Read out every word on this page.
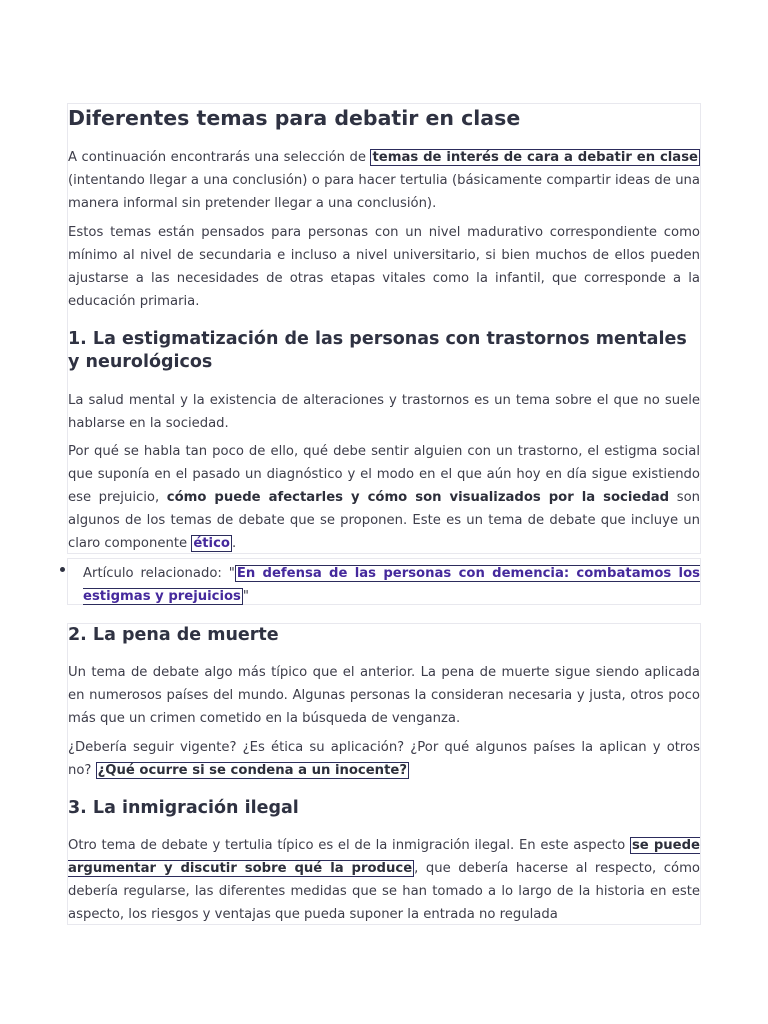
Diferentes temas para debatir en clase

A continuación encontrarás una selección de temas de interés de cara a debatir en clase (intentando llegar a una conclusión) o para hacer tertulia (básicamente compartir ideas de una manera informal sin pretender llegar a una conclusión).

Estos temas están pensados para personas con un nivel madurativo correspondiente como mínimo al nivel de secundaria e incluso a nivel universitario, si bien muchos de ellos pueden ajustarse a las necesidades de otras etapas vitales como la infantil, que corresponde a la educación primaria.

1. La estigmatización de las personas con trastornos mentales y neurológicos

La salud mental y la existencia de alteraciones y trastornos es un tema sobre el que no suele hablarse en la sociedad.

Por qué se habla tan poco de ello, qué debe sentir alguien con un trastorno, el estigma social que suponía en el pasado un diagnóstico y el modo en el que aún hoy en día sigue existiendo ese prejuicio, cómo puede afectarles y cómo son visualizados por la sociedad son algunos de los temas de debate que se proponen. Este es un tema de debate que incluye un claro componente ético .

Artículo relacionado: " En defensa de las personas con demencia: combatamos los estigmas y prejuicios "
2. La pena de muerte

Un tema de debate algo más típico que el anterior. La pena de muerte sigue siendo aplicada en numerosos países del mundo. Algunas personas la consideran necesaria y justa, otros poco más que un crimen cometido en la búsqueda de venganza.

¿Debería seguir vigente? ¿Es ética su aplicación? ¿Por qué algunos países la aplican y otros no? ¿Qué ocurre si se condena a un inocente?

3. La inmigración ilegal

Otro tema de debate y tertulia típico es el de la inmigración ilegal. En este aspecto se puede argumentar y discutir sobre qué la produce , que debería hacerse al respecto, cómo debería regularse, las diferentes medidas que se han tomado a lo largo de la historia en este aspecto, los riesgos y ventajas que pueda suponer la entrada no regulada
